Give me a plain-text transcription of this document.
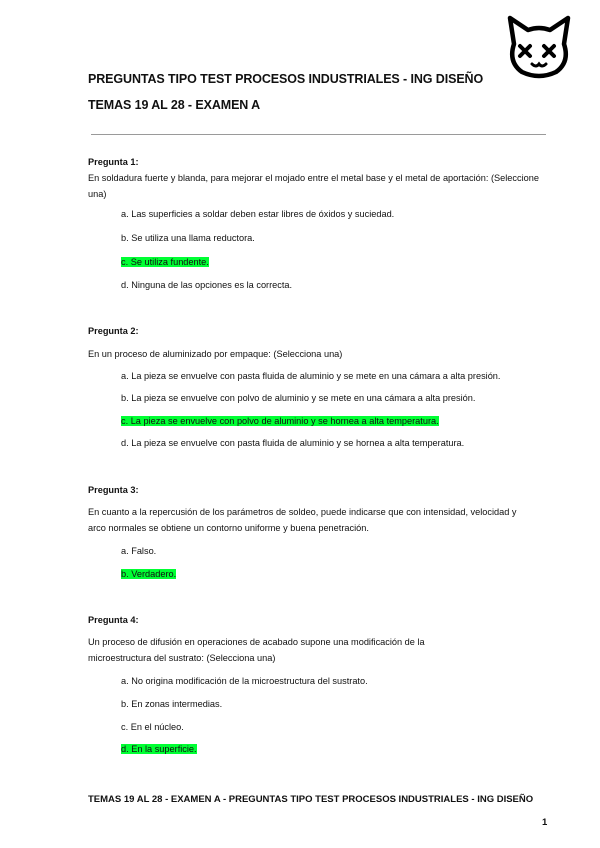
PREGUNTAS TIPO TEST PROCESOS INDUSTRIALES - ING DISEÑO
TEMAS 19 AL 28 - EXAMEN A
Pregunta 1:
En soldadura fuerte y blanda, para mejorar el mojado entre el metal base y el metal de aportación: (Seleccione una)
a. Las superficies a soldar deben estar libres de óxidos y suciedad.
b. Se utiliza una llama reductora.
c. Se utiliza fundente.
d. Ninguna de las opciones es la correcta.
Pregunta 2:
En un proceso de aluminizado por empaque: (Selecciona una)
a. La pieza se envuelve con pasta fluida de aluminio y se mete en una cámara a alta presión.
b. La pieza se envuelve con polvo de aluminio y se mete en una cámara a alta presión.
c. La pieza se envuelve con polvo de aluminio y se hornea a alta temperatura.
d. La pieza se envuelve con pasta fluida de aluminio y se hornea a alta temperatura.
Pregunta 3:
En cuanto a la repercusión de los parámetros de soldeo, puede indicarse que con intensidad, velocidad y arco normales se obtiene un contorno uniforme y buena penetración.
a. Falso.
b. Verdadero.
Pregunta 4:
Un proceso de difusión en operaciones de acabado supone una modificación de la microestructura del sustrato: (Selecciona una)
a. No origina modificación de la microestructura del sustrato.
b. En zonas intermedias.
c. En el núcleo.
d. En la superficie.
TEMAS 19 AL 28 - EXAMEN A - PREGUNTAS TIPO TEST PROCESOS INDUSTRIALES - ING DISEÑO
1
